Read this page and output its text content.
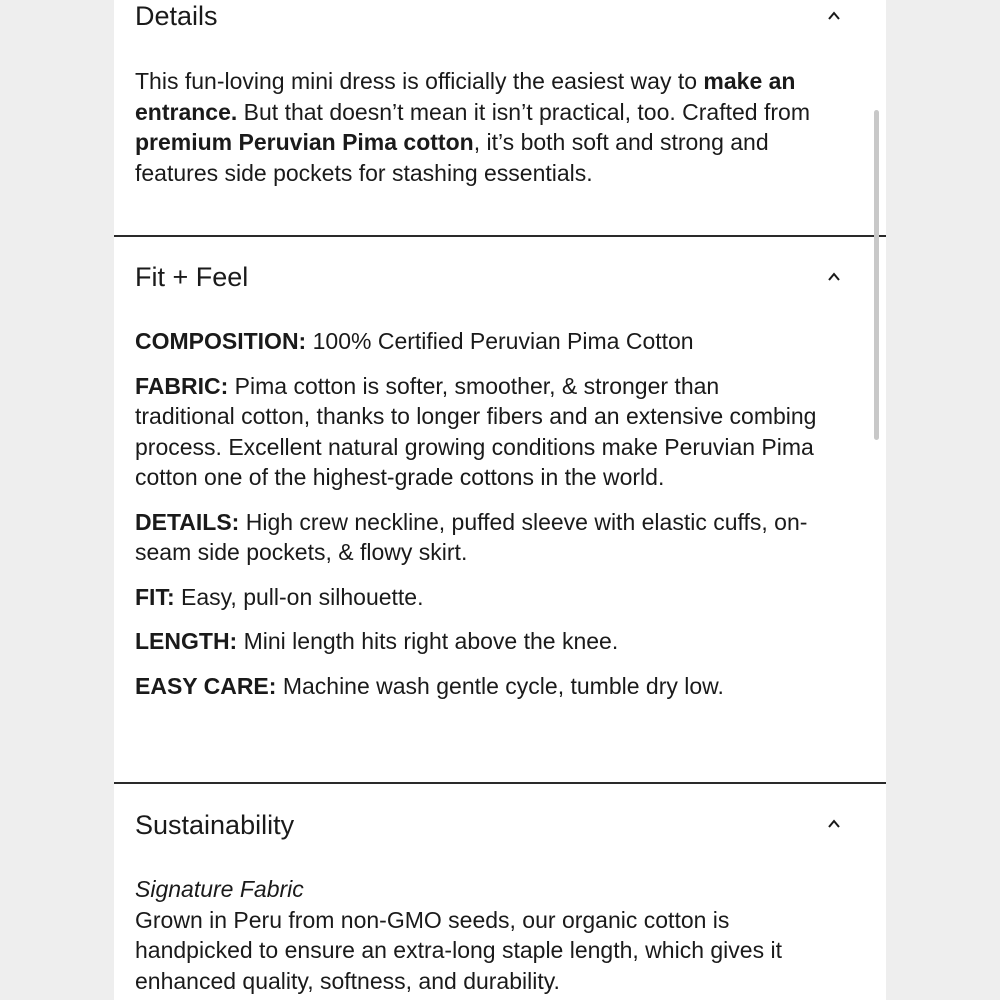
Details

This fun-loving mini dress is officially the easiest way to make an entrance. But that doesn’t mean it isn’t practical, too. Crafted from premium Peruvian Pima cotton, it’s both soft and strong and features side pockets for stashing essentials.

Fit + Feel

COMPOSITION: 100% Certified Peruvian Pima Cotton

FABRIC: Pima cotton is softer, smoother, & stronger than traditional cotton, thanks to longer fibers and an extensive combing process. Excellent natural growing conditions make Peruvian Pima cotton one of the highest-grade cottons in the world.

DETAILS: High crew neckline, puffed sleeve with elastic cuffs, on-seam side pockets, & flowy skirt.

FIT: Easy, pull-on silhouette.

LENGTH: Mini length hits right above the knee.

EASY CARE: Machine wash gentle cycle, tumble dry low.

Sustainability

Signature Fabric

Grown in Peru from non-GMO seeds, our organic cotton is handpicked to ensure an extra-long staple length, which gives it enhanced quality, softness, and durability.
